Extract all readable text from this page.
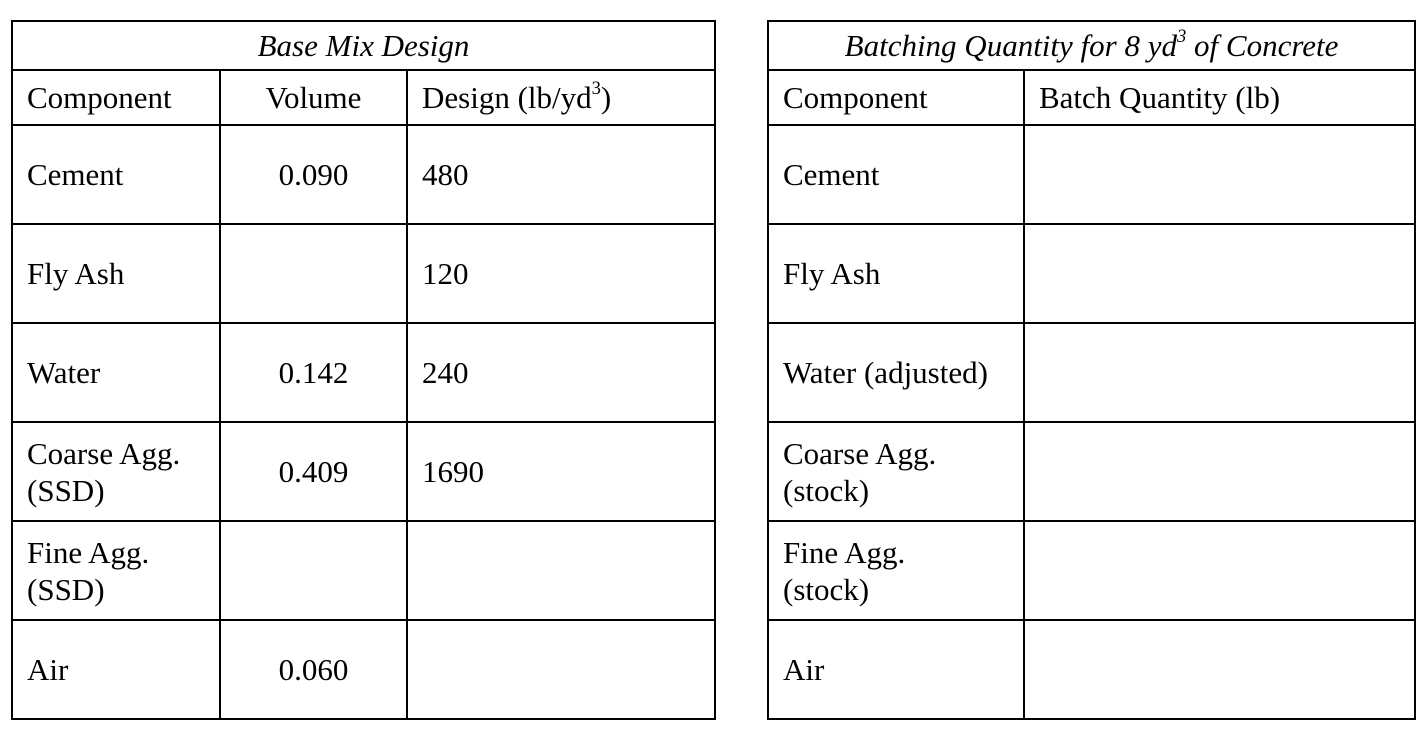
Base Mix Design		
Component	Volume	Design $(lb/yd^3)$

Cement	0.090	480

Fly Ash		120

Water	0.142	240

Coarse Agg.
(SSD)	0.409	1690

Fine Agg.
(SSD)		

Air	0.060	
Batching Quantity for 8 $yd^3$ of Concrete	
Component	Batch Quantity (lb)

Cement	

Fly Ash	

Water (adjusted)	

Coarse Agg.
(stock)	

Fine Agg.
(stock)	

Air	
